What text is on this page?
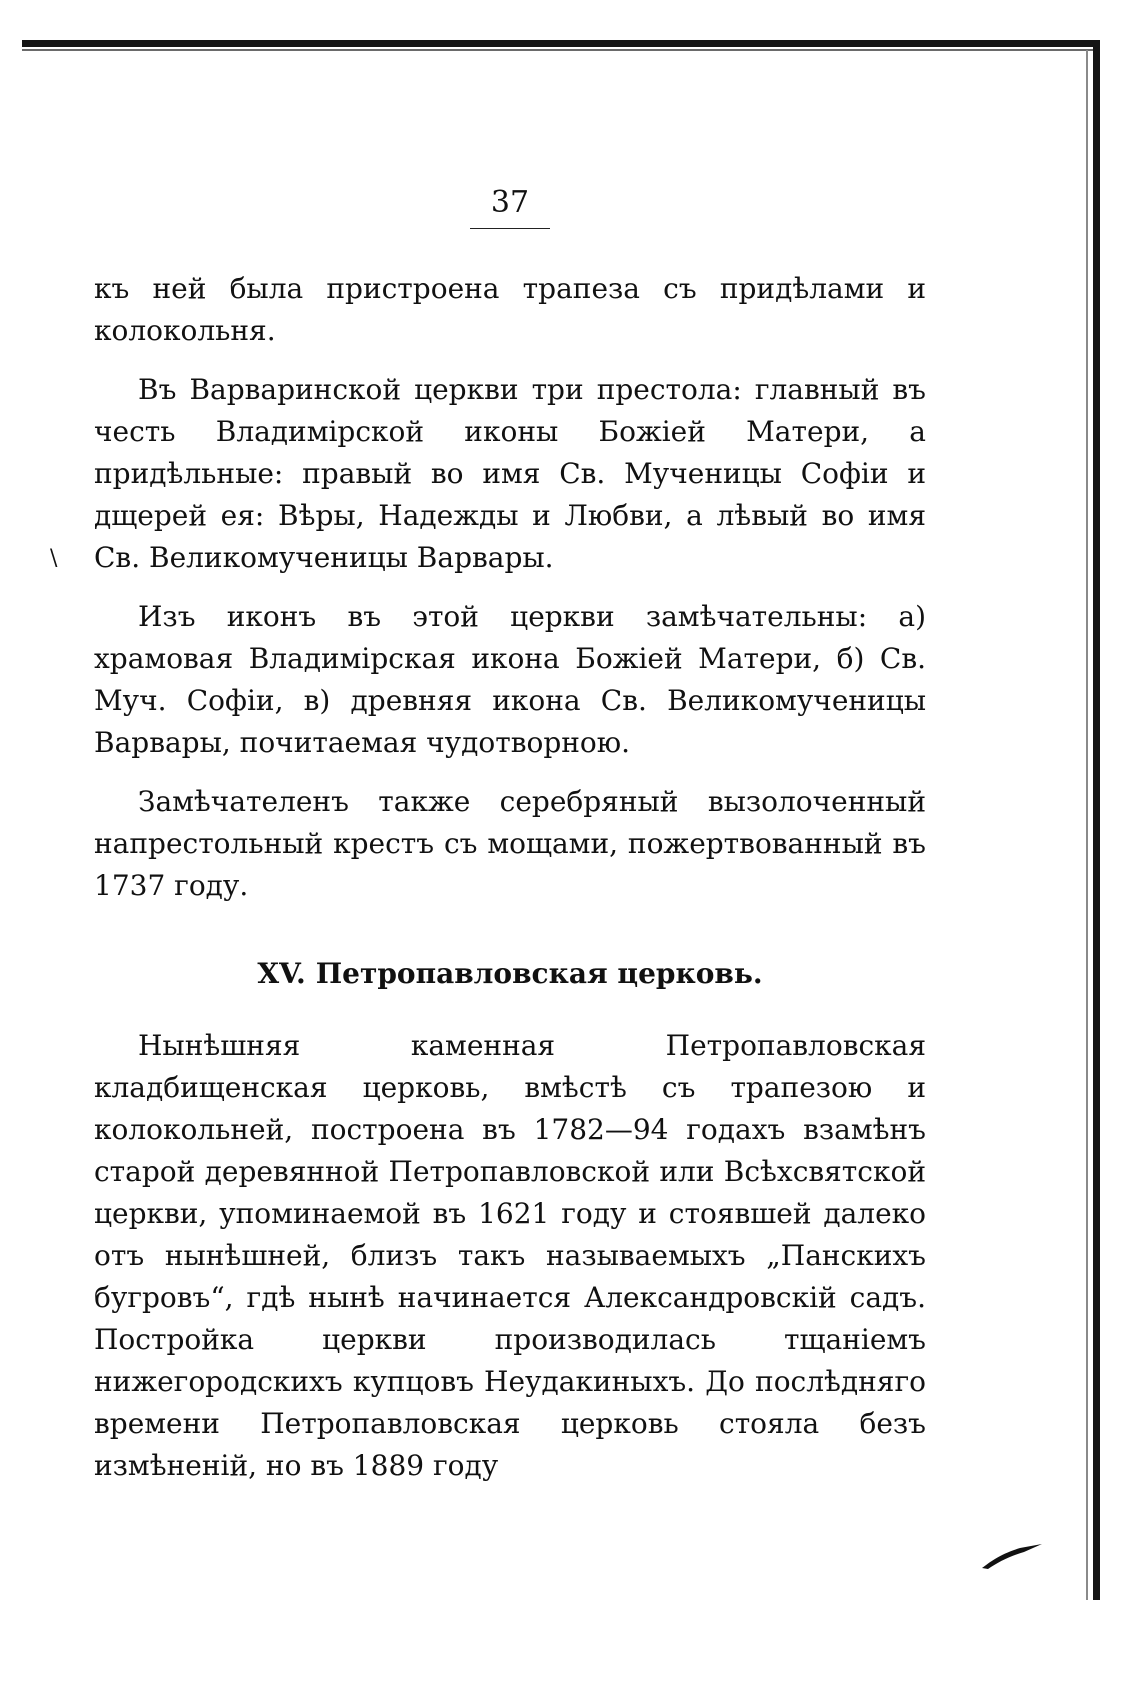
\
37

къ ней была пристроена трапеза съ придѣлами и колокольня.

Въ Варваринской церкви три престола: главный въ честь Владимірской иконы Божіей Матери, а придѣльные: правый во имя Св. Мученицы Софіи и дщерей ея: Вѣры, Надежды и Любви, а лѣвый во имя Св. Великомученицы Варвары.

Изъ иконъ въ этой церкви замѣчательны: а) храмовая Владимірская икона Божіей Матери, б) Св. Муч. Софіи, в) древняя икона Св. Великомученицы Варвары, почитаемая чудотворною.

Замѣчателенъ также серебряный вызолоченный напрестольный крестъ съ мощами, пожертвованный въ 1737 году.

XV. Петропавловская церковь.

Нынѣшняя каменная Петропавловская кладбищенская церковь, вмѣстѣ съ трапезою и колокольней, построена въ 1782—94 годахъ взамѣнъ старой деревянной Петропавловской или Всѣхсвятской церкви, упоминаемой въ 1621 году и стоявшей далеко отъ нынѣшней, близъ такъ называемыхъ „Панскихъ бугровъ“, гдѣ нынѣ начинается Александровскій садъ. Постройка церкви производилась тщаніемъ нижегородскихъ купцовъ Неудакиныхъ. До послѣдняго времени Петропавловская церковь стояла безъ измѣненій, но въ 1889 году
